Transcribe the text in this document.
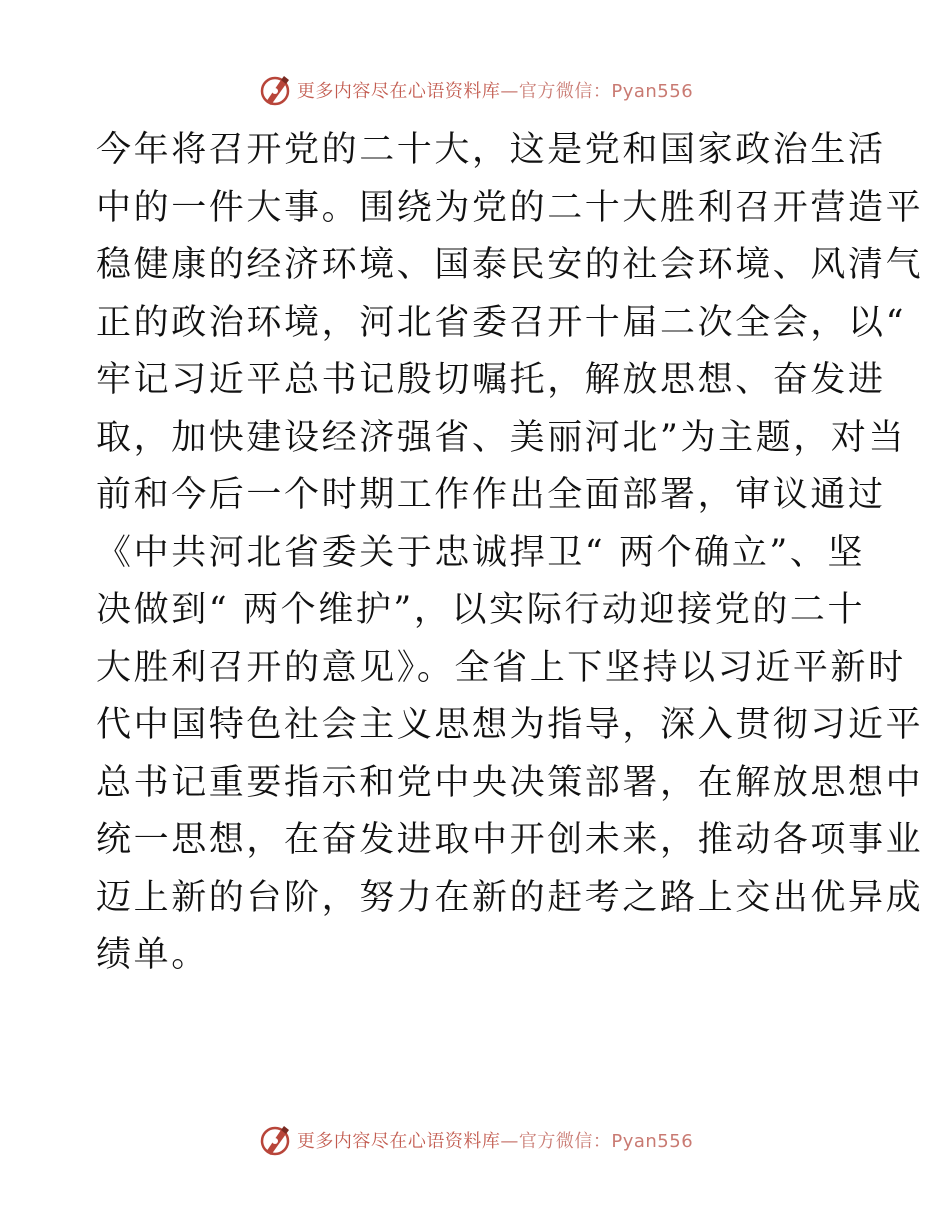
更多内容尽在心语资料库—官方微信：Pyan556
今年将召开党的二十大，这是党和国家政治生活
中的一件大事。围绕为党的二十大胜利召开营造平
稳健康的经济环境、国泰民安的社会环境、风清气
正的政治环境，河北省委召开十届二次全会，以“
牢记习近平总书记殷切嘱托，解放思想、奋发进
取，加快建设经济强省、美丽河北”为主题，对当
前和今后一个时期工作作出全面部署，审议通过
《中共河北省委关于忠诚捍卫“ 两个确立”、坚
决做到“ 两个维护”，以实际行动迎接党的二十
大胜利召开的意见》。全省上下坚持以习近平新时
代中国特色社会主义思想为指导，深入贯彻习近平
总书记重要指示和党中央决策部署，在解放思想中
统一思想，在奋发进取中开创未来，推动各项事业
迈上新的台阶，努力在新的赶考之路上交出优异成
绩单。
更多内容尽在心语资料库—官方微信：Pyan556
